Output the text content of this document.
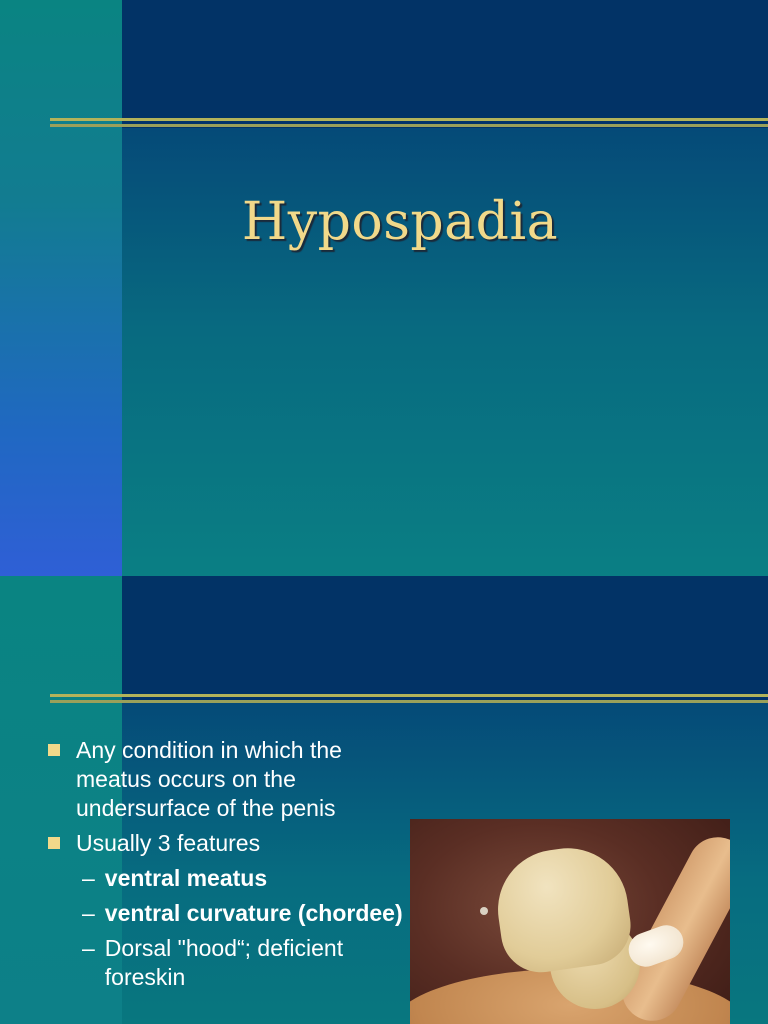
Hypospadia
Any condition in which the meatus occurs on the undersurface of the penis
Usually 3 features
– ventral meatus
– ventral curvature (chordee)
– Dorsal "hood“; deficient foreskin
